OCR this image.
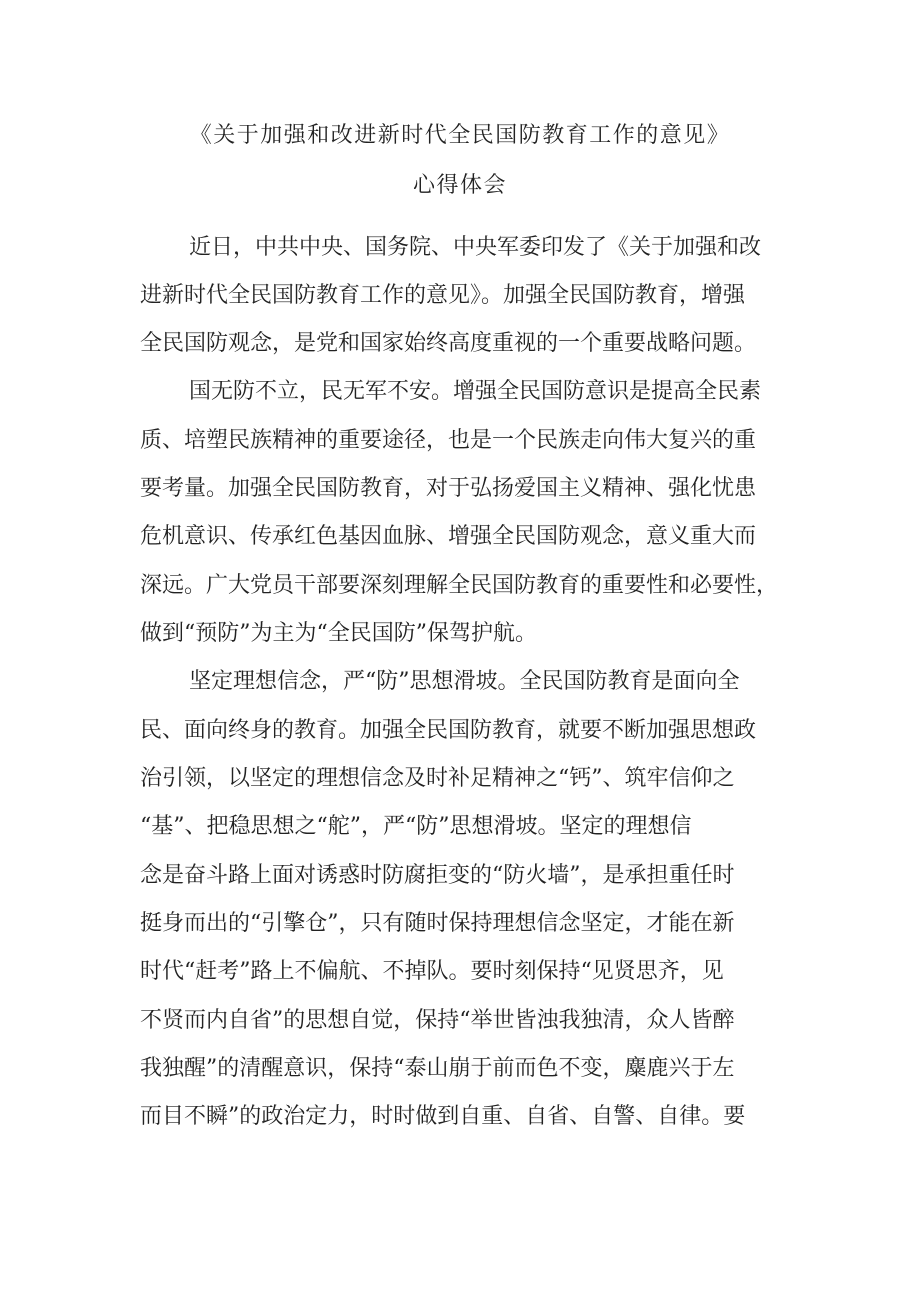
《关于加强和改进新时代全民国防教育工作的意见》
心得体会
近日，中共中央、国务院、中央军委印发了《关于加强和改
进新时代全民国防教育工作的意见》。加强全民国防教育，增强
全民国防观念，是党和国家始终高度重视的一个重要战略问题。
国无防不立，民无军不安。增强全民国防意识是提高全民素
质、培塑民族精神的重要途径，也是一个民族走向伟大复兴的重
要考量。加强全民国防教育，对于弘扬爱国主义精神、强化忧患
危机意识、传承红色基因血脉、增强全民国防观念，意义重大而
深远。广大党员干部要深刻理解全民国防教育的重要性和必要性，
做到“预防”为主为“全民国防”保驾护航。
坚定理想信念，严“防”思想滑坡。全民国防教育是面向全
民、面向终身的教育。加强全民国防教育，就要不断加强思想政
治引领，以坚定的理想信念及时补足精神之“钙”、筑牢信仰之
“基”、把稳思想之“舵”，严“防”思想滑坡。坚定的理想信
念是奋斗路上面对诱惑时防腐拒变的“防火墙”，是承担重任时
挺身而出的“引擎仓”，只有随时保持理想信念坚定，才能在新
时代“赶考”路上不偏航、不掉队。要时刻保持“见贤思齐，见
不贤而内自省”的思想自觉，保持“举世皆浊我独清，众人皆醉
我独醒”的清醒意识，保持“泰山崩于前而色不变，麋鹿兴于左
而目不瞬”的政治定力，时时做到自重、自省、自警、自律。要
